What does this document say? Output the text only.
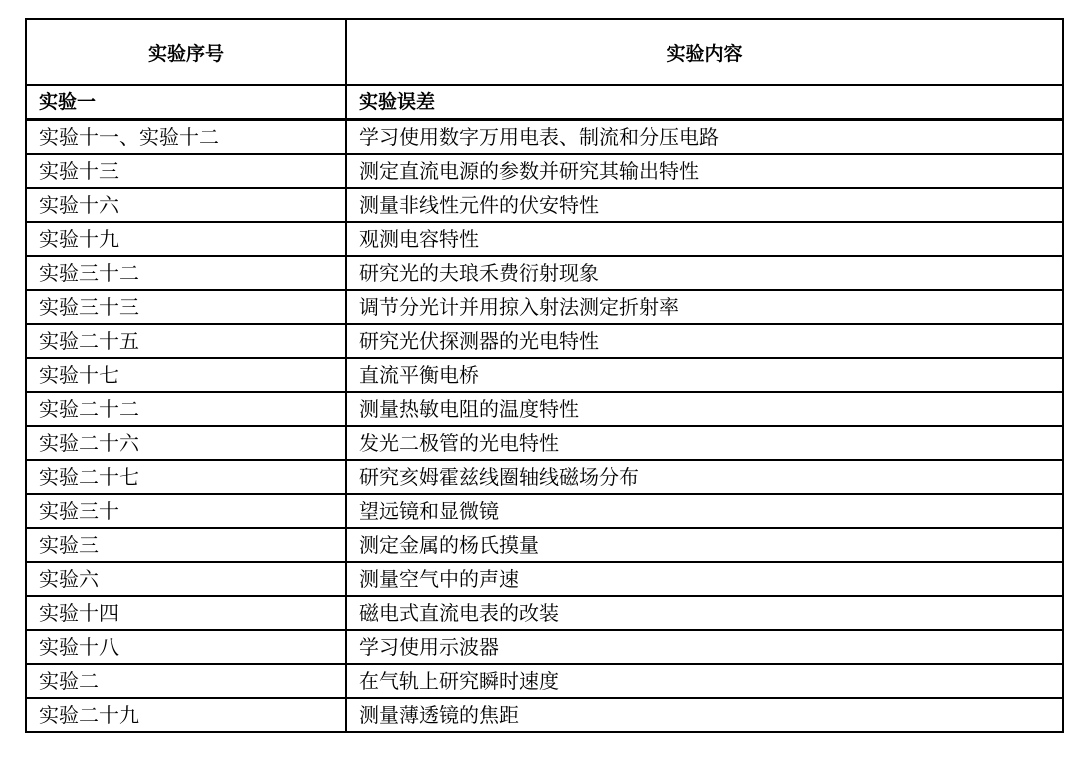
实验序号	实验内容
实验一	实验误差
实验十一、实验十二	学习使用数字万用电表、制流和分压电路
实验十三	测定直流电源的参数并研究其输出特性
实验十六	测量非线性元件的伏安特性
实验十九	观测电容特性
实验三十二	研究光的夫琅禾费衍射现象
实验三十三	调节分光计并用掠入射法测定折射率
实验二十五	研究光伏探测器的光电特性
实验十七	直流平衡电桥
实验二十二	测量热敏电阻的温度特性
实验二十六	发光二极管的光电特性
实验二十七	研究亥姆霍兹线圈轴线磁场分布
实验三十	望远镜和显微镜
实验三	测定金属的杨氏摸量
实验六	测量空气中的声速
实验十四	磁电式直流电表的改装
实验十八	学习使用示波器
实验二	在气轨上研究瞬时速度
实验二十九	测量薄透镜的焦距
